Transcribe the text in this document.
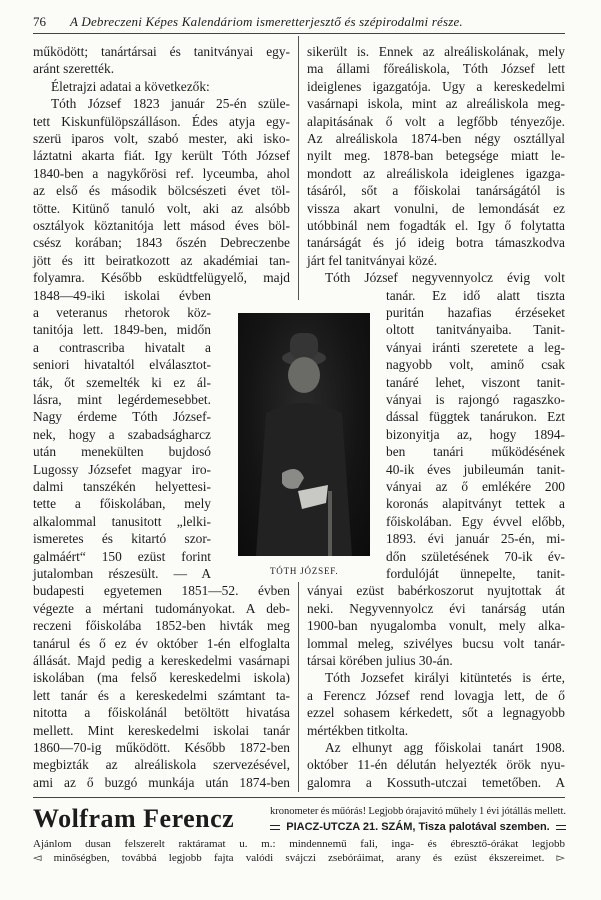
76 A Debreczeni Képes Kalendáriom ismeretterjesztő és szépirodalmi része.
működött; tanártársai és tanitványai egy-
aránt szerették.
Életrajzi adatai a következők:
Tóth József 1823 január 25-én szüle-
tett Kiskunfülöpszálláson. Édes atyja egy-
szerü iparos volt, szabó mester, aki isko-
láztatni akarta fiát. Igy került Tóth József
1840-ben a nagykőrösi ref. lyceumba, ahol
az első és második bölcsészeti évet töl-
tötte. Kitünő tanuló volt, aki az alsóbb
osztályok köztanitója lett másod éves böl-
csész korában; 1843 őszén Debreczenbe
jött és itt beiratkozott az akadémiai tan-
folyamra. Később esküdtfelügyelő, majd
1848—49-iki iskolai évben
a veteranus rhetorok köz-
tanitója lett. 1849-ben, midőn
a contrascriba hivatalt a
seniori hivataltól elválasztot-
ták, őt szemelték ki ez ál-
lásra, mint legérdemesebbet.
Nagy érdeme Tóth József-
nek, hogy a szabadságharcz
után menekülten bujdosó
Lugossy Józsefet magyar iro-
dalmi tanszékén helyettesi-
tette a főiskolában, mely
alkalommal tanusitott „lelki-
ismeretes és kitartó szor-
galmáért“ 150 ezüst forint
jutalomban részesült. — A
budapesti egyetemen 1851—52. évben
végezte a mértani tudományokat. A deb-
reczeni főiskolába 1852-ben hivták meg
tanárul és ő ez év október 1-én elfoglalta
állását. Majd pedig a kereskedelmi vasárnapi
iskolában (ma felső kereskedelmi iskola)
lett tanár és a kereskedelmi számtant ta-
nitotta a főiskolánál betöltött hivatása
mellett. Mint kereskedelmi iskolai tanár
1860—70-ig működött. Később 1872-ben
megbizták az alreáliskola szervezésével,
ami az ő buzgó munkája után 1874-ben
sikerült is. Ennek az alreáliskolának, mely
ma állami főreáliskola, Tóth József lett
ideiglenes igazgatója. Ugy a kereskedelmi
vasárnapi iskola, mint az alreáliskola meg-
alapitásának ő volt a legfőbb tényezője.
Az alreáliskola 1874-ben négy osztállyal
nyilt meg. 1878-ban betegsége miatt le-
mondott az alreáliskola ideiglenes igazga-
tásáról, sőt a főiskolai tanárságától is
vissza akart vonulni, de lemondását ez
utóbbinál nem fogadták el. Igy ő folytatta
tanárságát és jó ideig botra támaszkodva
járt fel tanitványai közé.
Tóth József negyvennyolcz évig volt
tanár. Ez idő alatt tiszta
puritán hazafias érzéseket
oltott tanitványaiba. Tanit-
ványai iránti szeretete a leg-
nagyobb volt, aminő csak
tanáré lehet, viszont tanit-
ványai is rajongó ragaszko-
dással függtek tanárukon. Ezt
bizonyitja az, hogy 1894-
ben tanári működésének
40-ik éves jubileumán tanit-
ványai az ő emlékére 200
koronás alapitványt tettek a
főiskolában. Egy évvel előbb,
1893. évi január 25-én, mi-
dőn születésének 70-ik év-
fordulóját ünnepelte, tanit-
ványai ezüst babérkoszorut nyujtottak át
neki. Negyvennyolcz évi tanárság után
1900-ban nyugalomba vonult, mely alka-
lommal meleg, szivélyes bucsu volt tanár-
társai körében julius 30-án.
Tóth Jozsefet királyi kitüntetés is érte,
a Ferencz József rend lovagja lett, de ő
ezzel sohasem kérkedett, sőt a legnagyobb
mértékben titkolta.
Az elhunyt agg főiskolai tanárt 1908.
október 11-én délután helyezték örök nyu-
galomra a Kossuth-utczai temetőben. A
TÓTH JÓZSEF.
Wolfram Ferencz	kronometer és műórás! Legjobb órajavitó műhely 1 évi jótállás mellett.
PIACZ-UTCZA 21. SZÁM, Tisza palotával szemben.
Ajánlom dusan felszerelt raktáramat u. m.: mindennemű fali, inga- és ébresztő-órákat legjobb
◅ minőségben, továbbá legjobb fajta valódi svájczi zsebóráimat, arany és ezüst ékszereimet. ▻
